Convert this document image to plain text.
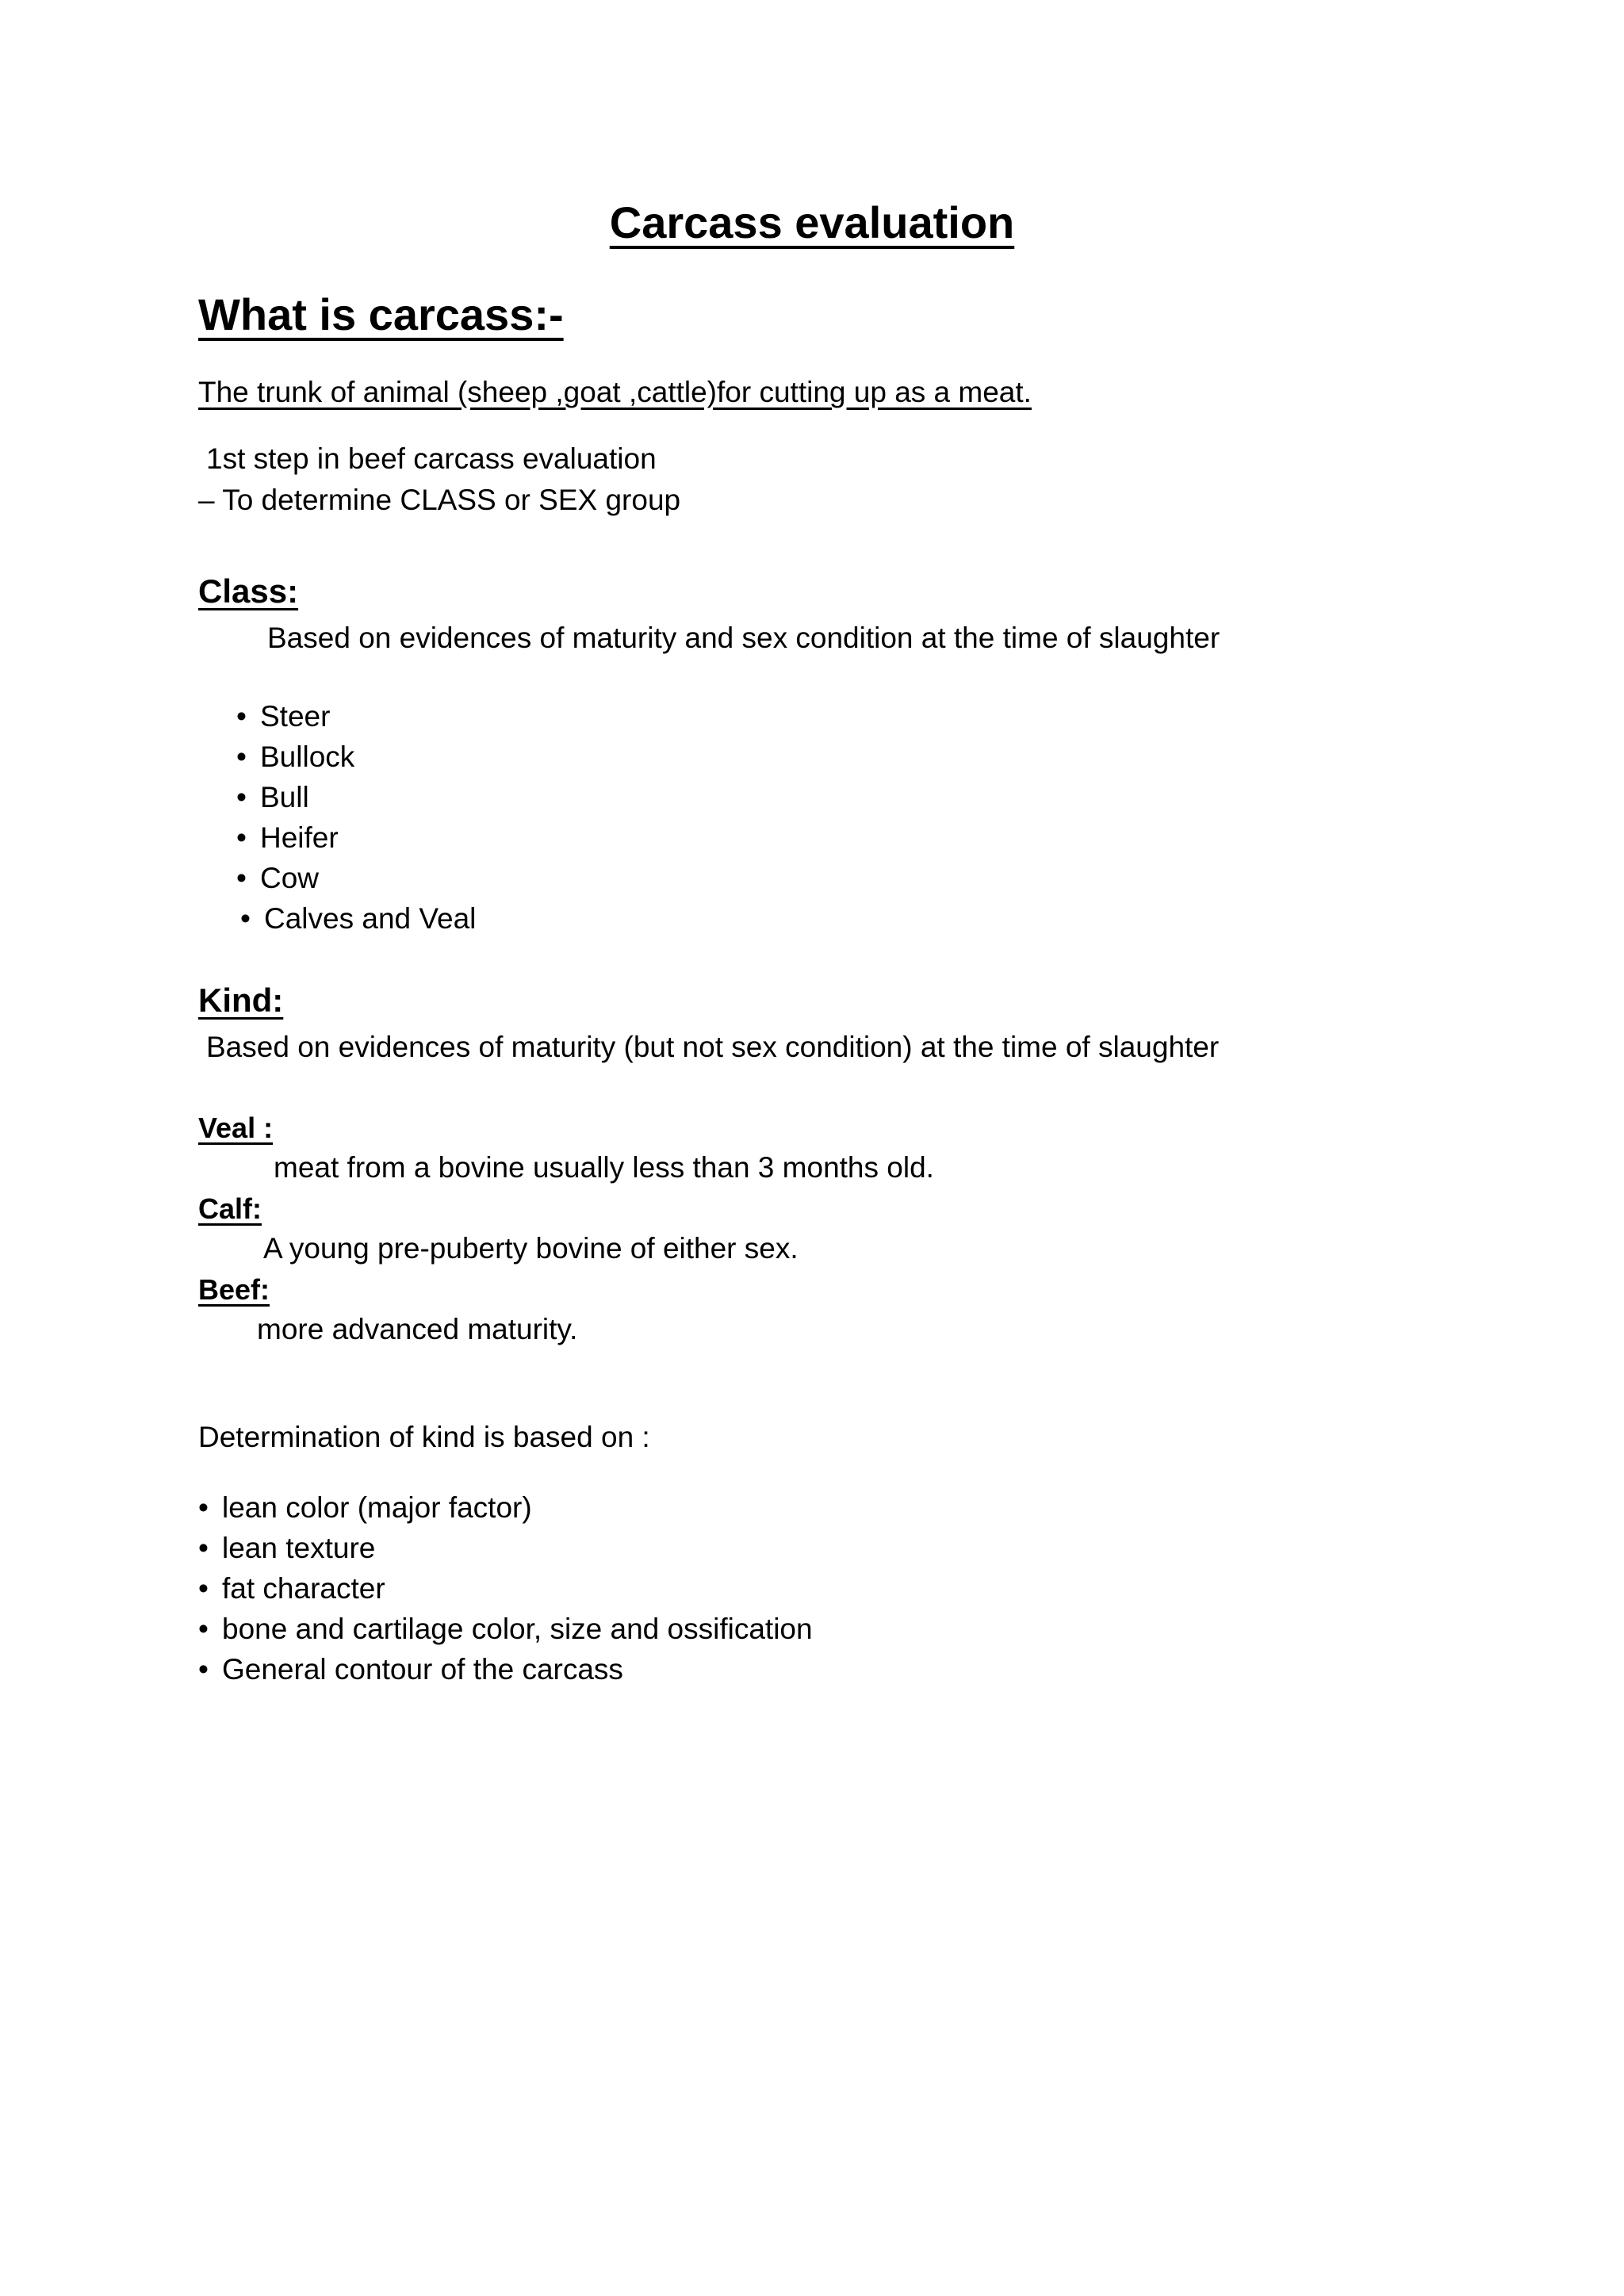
Carcass evaluation
What is carcass:-
The trunk of animal (sheep ,goat ,cattle)for cutting up as a meat.
1st step in beef carcass evaluation
– To determine CLASS or SEX group
Class:
Based on evidences of maturity and sex condition at the time of slaughter
• Steer
• Bullock
• Bull
• Heifer
• Cow
• Calves and Veal
Kind:
Based on evidences of maturity (but not sex condition) at the time of slaughter
Veal :
meat from a bovine usually less than 3 months old.
Calf:
A young pre-puberty bovine of either sex.
Beef:
more advanced maturity.
Determination of kind is based on :
• lean color (major factor)
• lean texture
• fat character
• bone and cartilage color, size and ossification
• General contour of the carcass
